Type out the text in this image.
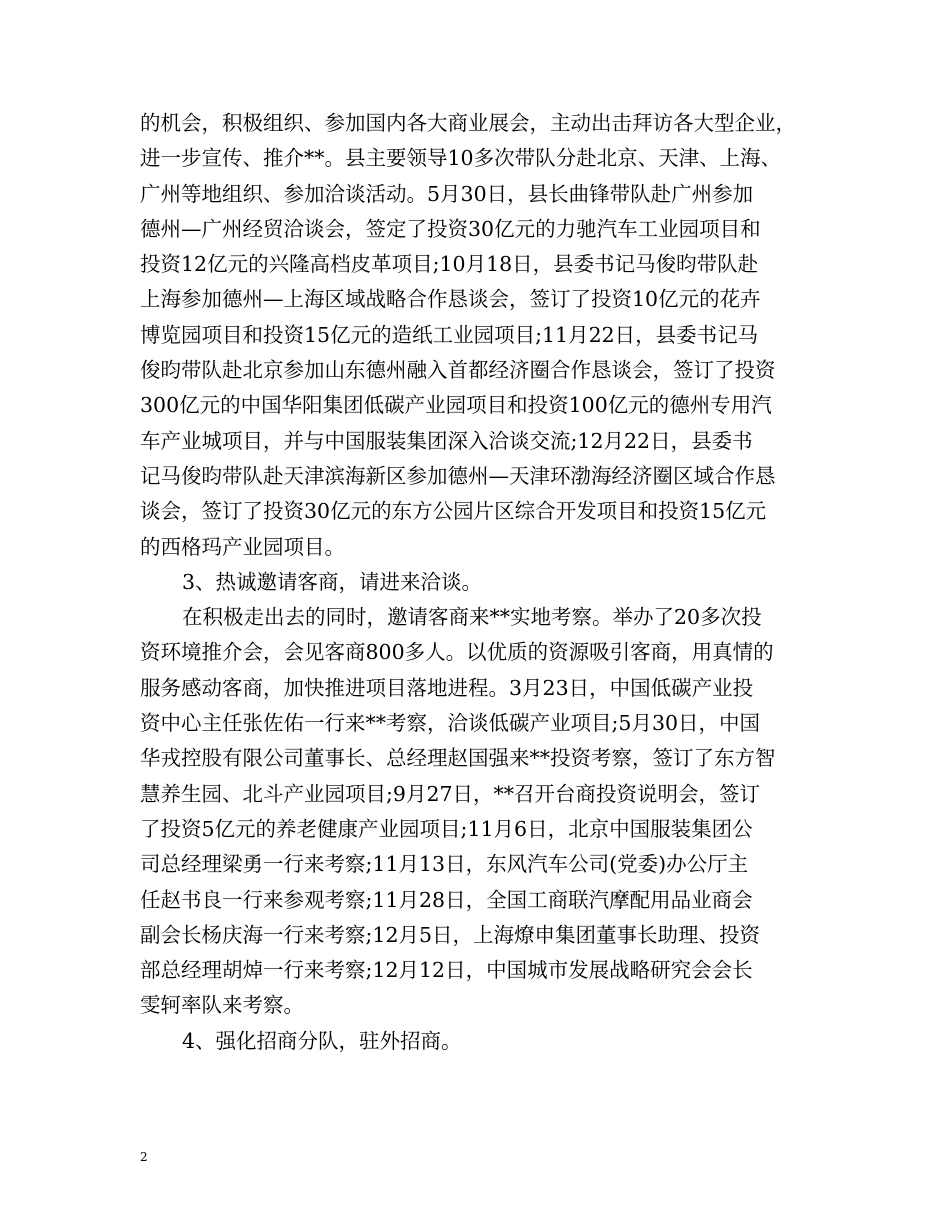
的机会，积极组织、参加国内各大商业展会，主动出击拜访各大型企业，
进一步宣传、推介**。县主要领导10多次带队分赴北京、天津、上海、
广州等地组织、参加洽谈活动。5月30日，县长曲锋带队赴广州参加
德州—广州经贸洽谈会，签定了投资30亿元的力驰汽车工业园项目和
投资12亿元的兴隆高档皮革项目;10月18日，县委书记马俊昀带队赴
上海参加德州—上海区域战略合作恳谈会，签订了投资10亿元的花卉
博览园项目和投资15亿元的造纸工业园项目;11月22日，县委书记马
俊昀带队赴北京参加山东德州融入首都经济圈合作恳谈会，签订了投资
300亿元的中国华阳集团低碳产业园项目和投资100亿元的德州专用汽
车产业城项目，并与中国服装集团深入洽谈交流;12月22日，县委书
记马俊昀带队赴天津滨海新区参加德州—天津环渤海经济圈区域合作恳
谈会，签订了投资30亿元的东方公园片区综合开发项目和投资15亿元
的西格玛产业园项目。
3、热诚邀请客商，请进来洽谈。
在积极走出去的同时，邀请客商来**实地考察。举办了20多次投
资环境推介会，会见客商800多人。以优质的资源吸引客商，用真情的
服务感动客商，加快推进项目落地进程。3月23日，中国低碳产业投
资中心主任张佐佑一行来**考察，洽谈低碳产业项目;5月30日，中国
华戎控股有限公司董事长、总经理赵国强来**投资考察，签订了东方智
慧养生园、北斗产业园项目;9月27日，**召开台商投资说明会，签订
了投资5亿元的养老健康产业园项目;11月6日，北京中国服装集团公
司总经理梁勇一行来考察;11月13日，东风汽车公司(党委)办公厅主
任赵书良一行来参观考察;11月28日，全国工商联汽摩配用品业商会
副会长杨庆海一行来考察;12月5日，上海燎申集团董事长助理、投资
部总经理胡焯一行来考察;12月12日，中国城市发展战略研究会会长
雯轲率队来考察。
4、强化招商分队，驻外招商。
2
